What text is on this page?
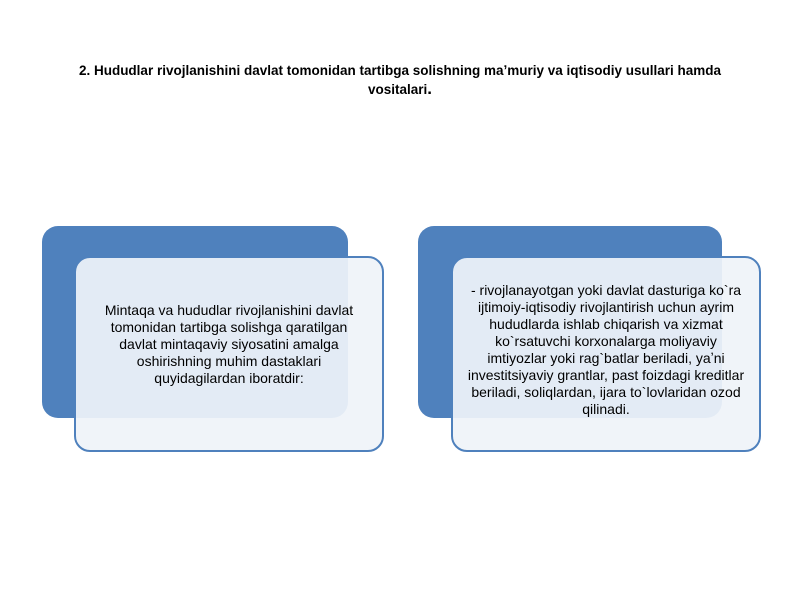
2. Hududlar rivojlanishini davlat tomonidan tartibga solishning maʼmuriy va iqtisodiy usullari hamda vositalari.
Mintaqa va hududlar rivojlanishini davlat tomonidan tartibga solishga qaratilgan davlat mintaqaviy siyosatini amalga oshirishning muhim dastaklari quyidagilardan iboratdir:
- rivojlanayotgan yoki davlat dasturiga ko`ra ijtimoiy-iqtisodiy rivojlantirish uchun ayrim hududlarda ishlab chiqarish va xizmat ko`rsatuvchi korxonalarga moliyaviy imtiyozlar yoki rag`batlar beriladi, yaʼni investitsiyaviy grantlar, past foizdagi kreditlar beriladi, soliqlardan, ijara to`lovlaridan ozod qilinadi.
